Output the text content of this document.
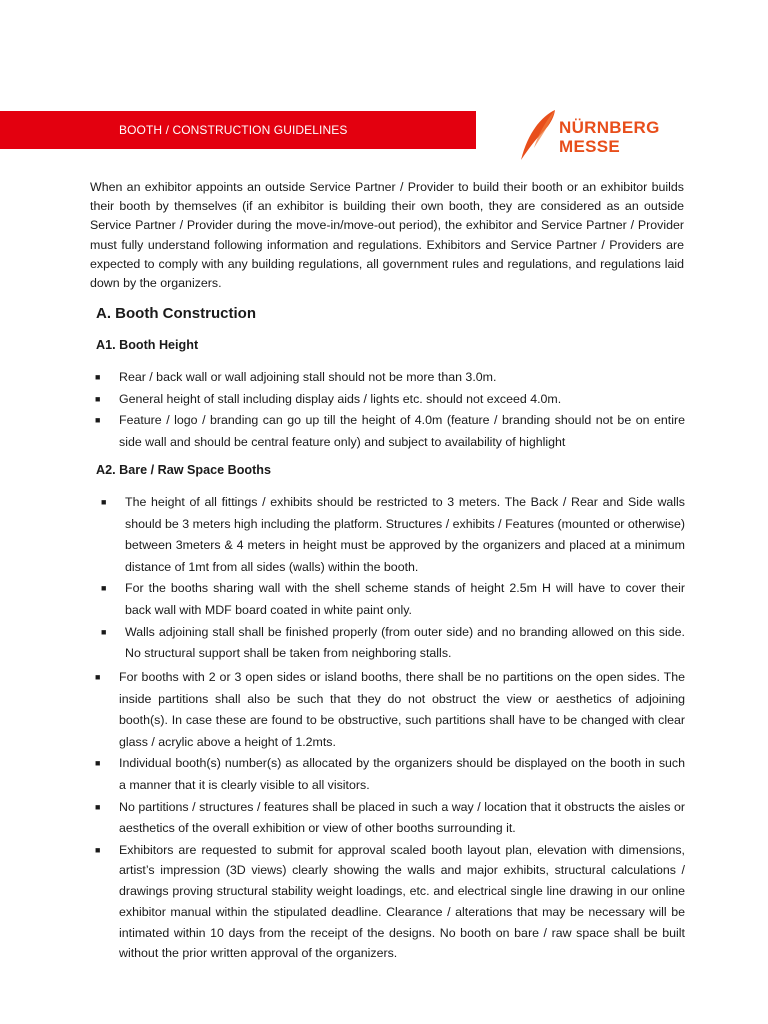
BOOTH / CONSTRUCTION GUIDELINES	NÜRNBERG
MESSE

When an exhibitor appoints an outside Service Partner / Provider to build their booth or an exhibitor builds their booth by themselves (if an exhibitor is building their own booth, they are considered as an outside Service Partner / Provider during the move-in/move-out period), the exhibitor and Service Partner / Provider must fully understand following information and regulations. Exhibitors and Service Partner / Providers are expected to comply with any building regulations, all government rules and regulations, and regulations laid down by the organizers.

A. Booth Construction
A1. Booth Height
■ Rear / back wall or wall adjoining stall should not be more than 3.0m.
■ General height of stall including display aids / lights etc. should not exceed 4.0m.
■ Feature / logo / branding can go up till the height of 4.0m (feature / branding should not be on entire side wall and should be central feature only) and subject to availability of highlight
A2. Bare / Raw Space Booths
■ The height of all fittings / exhibits should be restricted to 3 meters. The Back / Rear and Side walls should be 3 meters high including the platform. Structures / exhibits / Features (mounted or otherwise) between 3meters & 4 meters in height must be approved by the organizers and placed at a minimum distance of 1mt from all sides (walls) within the booth.
■ For the booths sharing wall with the shell scheme stands of height 2.5m H will have to cover their back wall with MDF board coated in white paint only.
■ Walls adjoining stall shall be finished properly (from outer side) and no branding allowed on this side. No structural support shall be taken from neighboring stalls.
■ For booths with 2 or 3 open sides or island booths, there shall be no partitions on the open sides. The inside partitions shall also be such that they do not obstruct the view or aesthetics of adjoining booth(s). In case these are found to be obstructive, such partitions shall have to be changed with clear glass / acrylic above a height of 1.2mts.
■ Individual booth(s) number(s) as allocated by the organizers should be displayed on the booth in such a manner that it is clearly visible to all visitors.
■ No partitions / structures / features shall be placed in such a way / location that it obstructs the aisles or aesthetics of the overall exhibition or view of other booths surrounding it.
■ Exhibitors are requested to submit for approval scaled booth layout plan, elevation with dimensions, artist’s impression (3D views) clearly showing the walls and major exhibits, structural calculations / drawings proving structural stability weight loadings, etc. and electrical single line drawing in our online exhibitor manual within the stipulated deadline. Clearance / alterations that may be necessary will be intimated within 10 days from the receipt of the designs. No booth on bare / raw space shall be built without the prior written approval of the organizers.
